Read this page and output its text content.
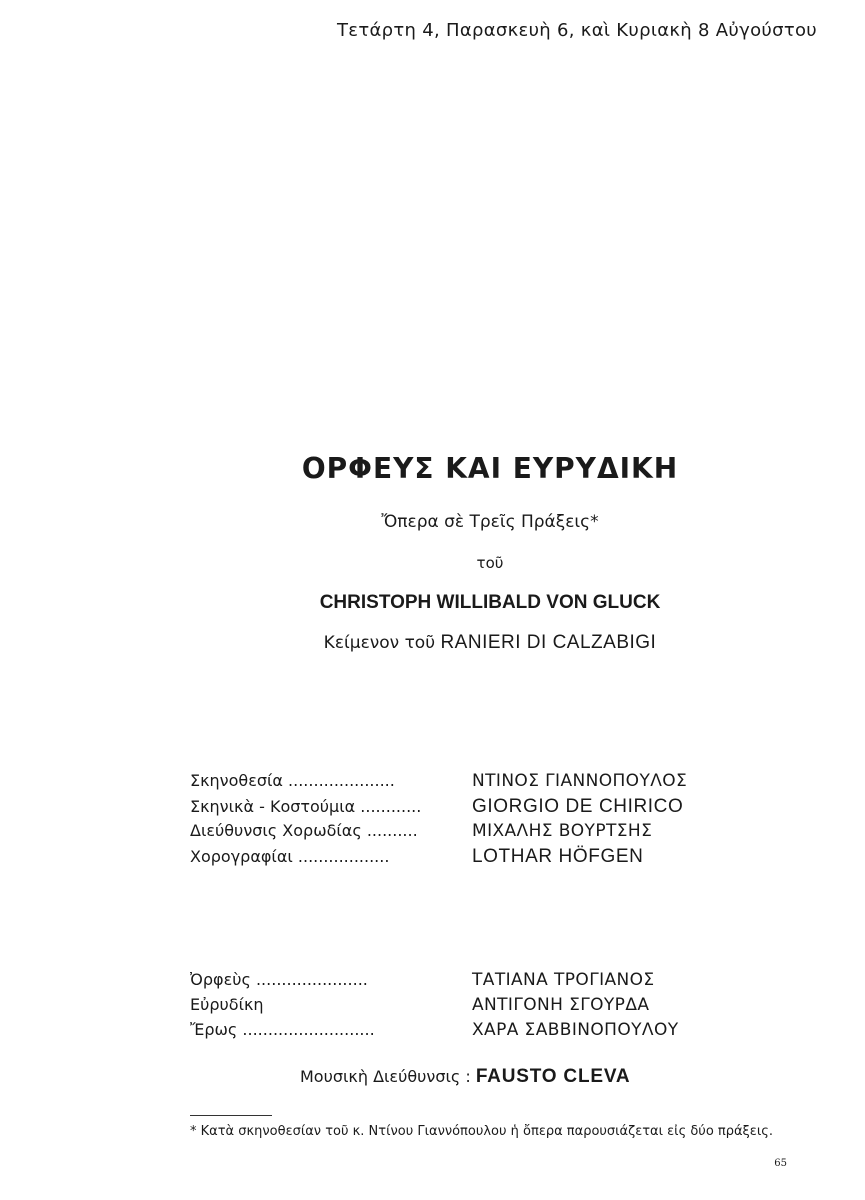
Τετάρτη 4, Παρασκευὴ 6, καὶ Κυριακὴ 8 Αὐγούστου
ΟΡΦΕΥΣ ΚΑΙ ΕΥΡΥΔΙΚΗ
Ὄπερα σὲ Τρεῖς Πράξεις*
τοῦ
CHRISTOPH WILLIBALD VON GLUCK
Κείμενον τοῦ RANIERI DI CALZABIGI
Σκηνοθεσία .....................	ΝΤΙΝΟΣ ΓΙΑΝΝΟΠΟΥΛΟΣ
Σκηνικὰ - Κοστούμια ............	GIORGIO DE CHIRICO
Διεύθυνσις Χορωδίας ..........	ΜΙΧΑΛΗΣ ΒΟΥΡΤΣΗΣ
Χορογραφίαι ..................	LOTHAR HÖFGEN
Ὀρφεὺς ......................	ΤΑΤΙΑΝΑ ΤΡΟΓΙΑΝΟΣ
Εὐρυδίκη	ΑΝΤΙΓΟΝΗ ΣΓΟΥΡΔΑ
Ἔρως ..........................	ΧΑΡΑ ΣΑΒΒΙΝΟΠΟΥΛΟΥ
Μουσικὴ Διεύθυνσις : FAUSTO CLEVA
* Κατὰ σκηνοθεσίαν τοῦ κ. Ντίνου Γιαννόπουλου ἡ ὄπερα παρουσιάζεται εἰς δύο πράξεις.
65
